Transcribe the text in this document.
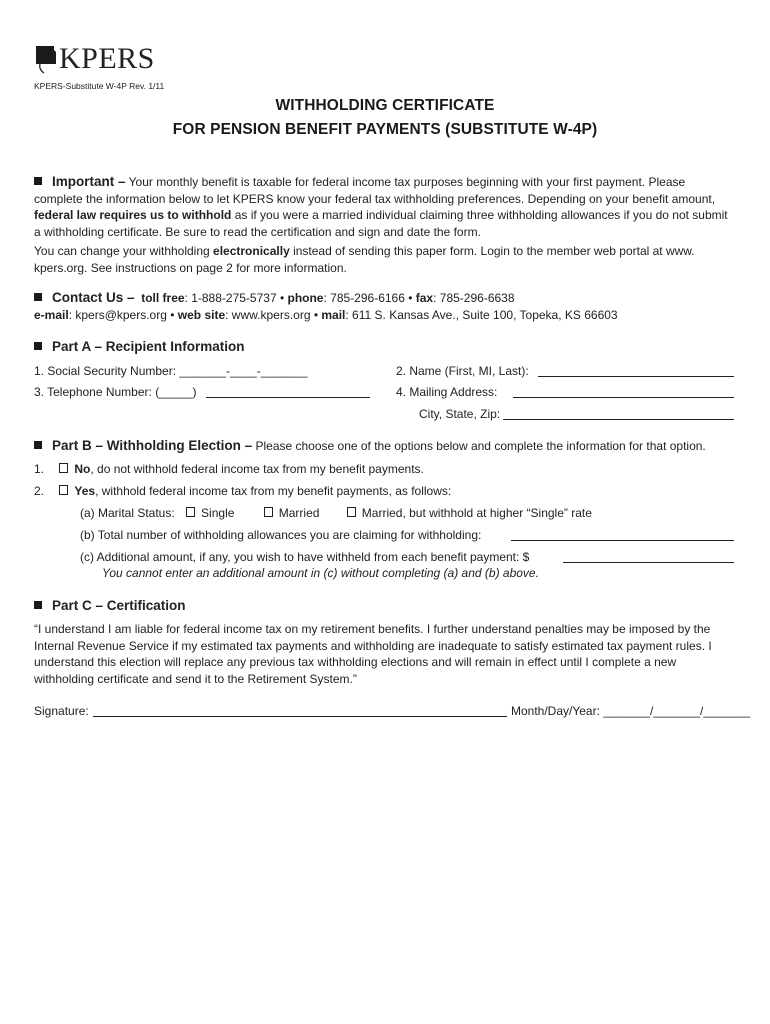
KPERS
KPERS-Substitute W-4P Rev. 1/11
WITHHOLDING CERTIFICATE
FOR PENSION BENEFIT PAYMENTS (SUBSTITUTE W-4P)
Important – Your monthly benefit is taxable for federal income tax purposes beginning with your first payment. Please complete the information below to let KPERS know your federal tax withholding preferences. Depending on your benefit amount, federal law requires us to withhold as if you were a married individual claiming three withholding allowances if you do not submit a withholding certificate. Be sure to read the certification and sign and date the form.
You can change your withholding electronically instead of sending this paper form. Login to the member web portal at www. kpers.org. See instructions on page 2 for more information.
Contact Us – toll free: 1-888-275-5737 • phone: 785-296-6166 • fax: 785-296-6638
e-mail: kpers@kpers.org • web site: www.kpers.org • mail: 611 S. Kansas Ave., Suite 100, Topeka, KS 66603
Part A – Recipient Information
1. Social Security Number: _______-____-_______	2. Name (First, MI, Last):
3. Telephone Number: (_____)	4. Mailing Address:
City, State, Zip:
Part B – Withholding Election – Please choose one of the options below and complete the information for that option.
1.	No, do not withhold federal income tax from my benefit payments.
2.	Yes, withhold federal income tax from my benefit payments, as follows:
(a) Marital Status: Single	Married	Married, but withhold at higher “Single” rate
(b) Total number of withholding allowances you are claiming for withholding:
(c) Additional amount, if any, you wish to have withheld from each benefit payment: $
You cannot enter an additional amount in (c) without completing (a) and (b) above.
Part C – Certification
“I understand I am liable for federal income tax on my retirement benefits. I further understand penalties may be imposed by the Internal Revenue Service if my estimated tax payments and withholding are inadequate to satisfy estimated tax payment rules. I understand this election will replace any previous tax withholding elections and will remain in effect until I complete a new withholding certificate and send it to the Retirement System.”
Signature:	Month/Day/Year: _______/_______/_______
